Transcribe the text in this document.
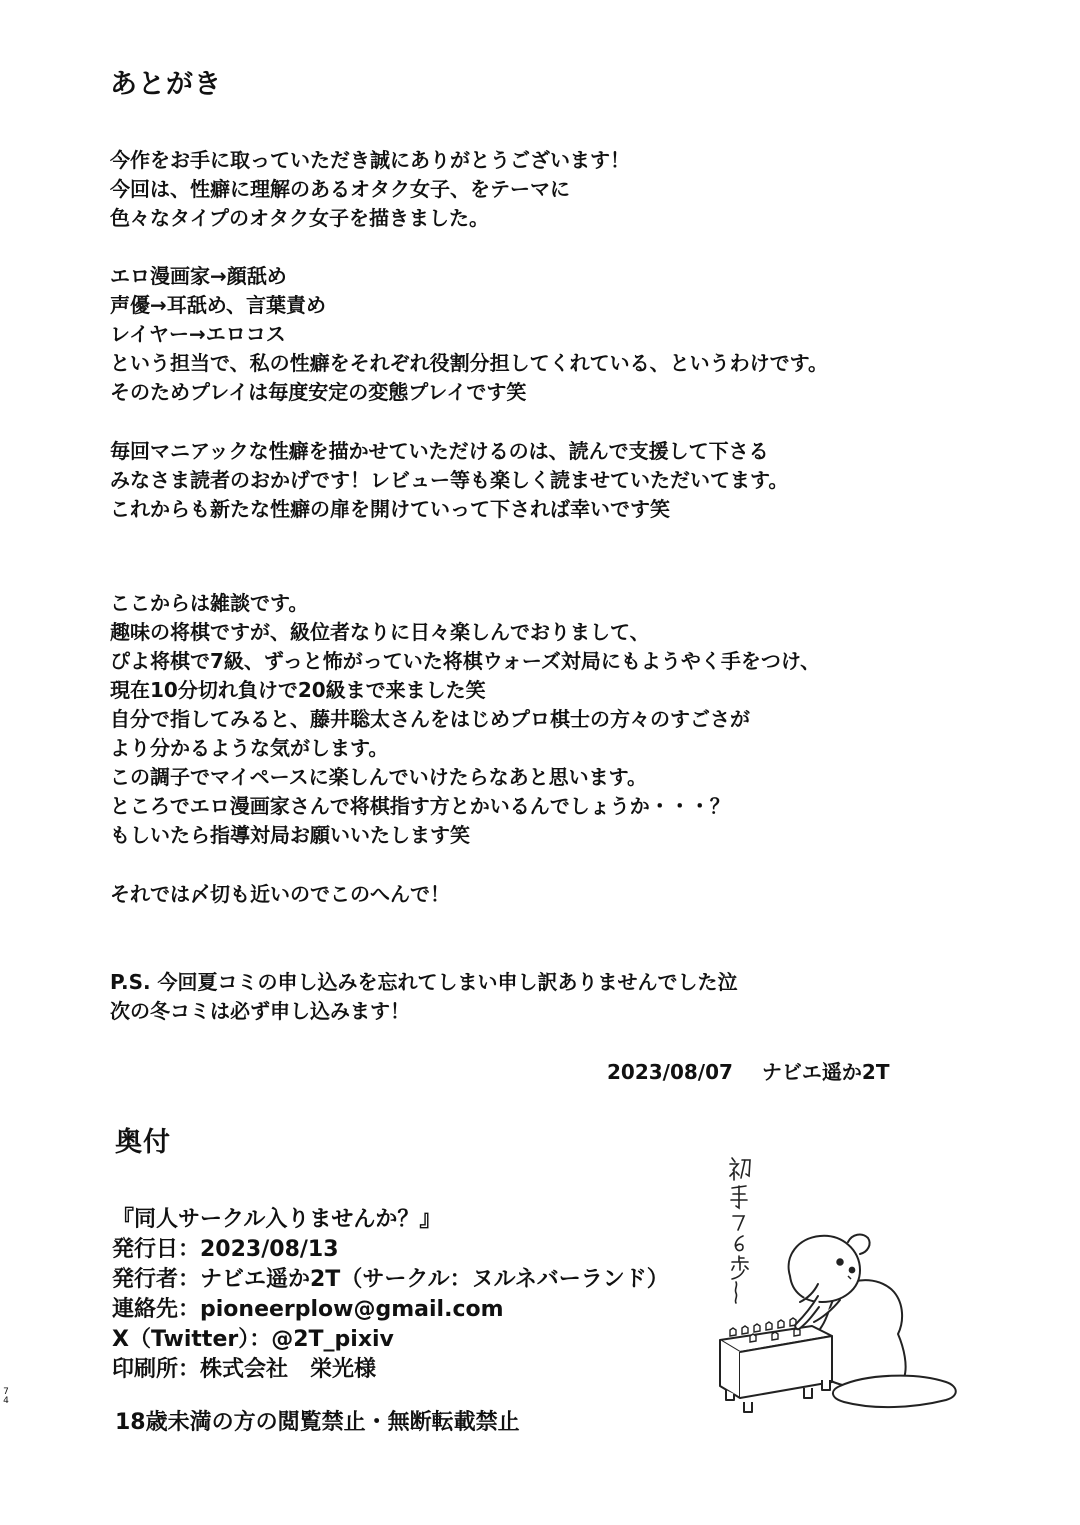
あとがき
今作をお手に取っていただき誠にありがとうございます！
今回は、性癖に理解のあるオタク女子、をテーマに
色々なタイプのオタク女子を描きました。
エロ漫画家→顔舐め
声優→耳舐め、言葉責め
レイヤー→エロコス
という担当で、私の性癖をそれぞれ役割分担してくれている、というわけです。
そのためプレイは毎度安定の変態プレイです笑
毎回マニアックな性癖を描かせていただけるのは、読んで支援して下さる
みなさま読者のおかげです！レビュー等も楽しく読ませていただいてます。
これからも新たな性癖の扉を開けていって下されば幸いです笑
ここからは雑談です。
趣味の将棋ですが、級位者なりに日々楽しんでおりまして、
ぴよ将棋で7級、ずっと怖がっていた将棋ウォーズ対局にもようやく手をつけ、
現在10分切れ負けで20級まで来ました笑
自分で指してみると、藤井聡太さんをはじめプロ棋士の方々のすごさが
より分かるような気がします。
この調子でマイペースに楽しんでいけたらなあと思います。
ところでエロ漫画家さんで将棋指す方とかいるんでしょうか・・・？
もしいたら指導対局お願いいたします笑
それでは〆切も近いのでこのへんで！
P.S. 今回夏コミの申し込みを忘れてしまい申し訳ありませんでした泣
次の冬コミは必ず申し込みます！
2023/08/07 ナビエ遥か2T
奥付
『同人サークル入りませんか？』
発行日：2023/08/13
発行者：ナビエ遥か2T（サークル：ヌルネバーランド）
連絡先：pioneerplow@gmail.com
X（Twitter）：@2T_pixiv
印刷所：株式会社　栄光様
18歳未満の方の閲覧禁止・無断転載禁止
7
4
